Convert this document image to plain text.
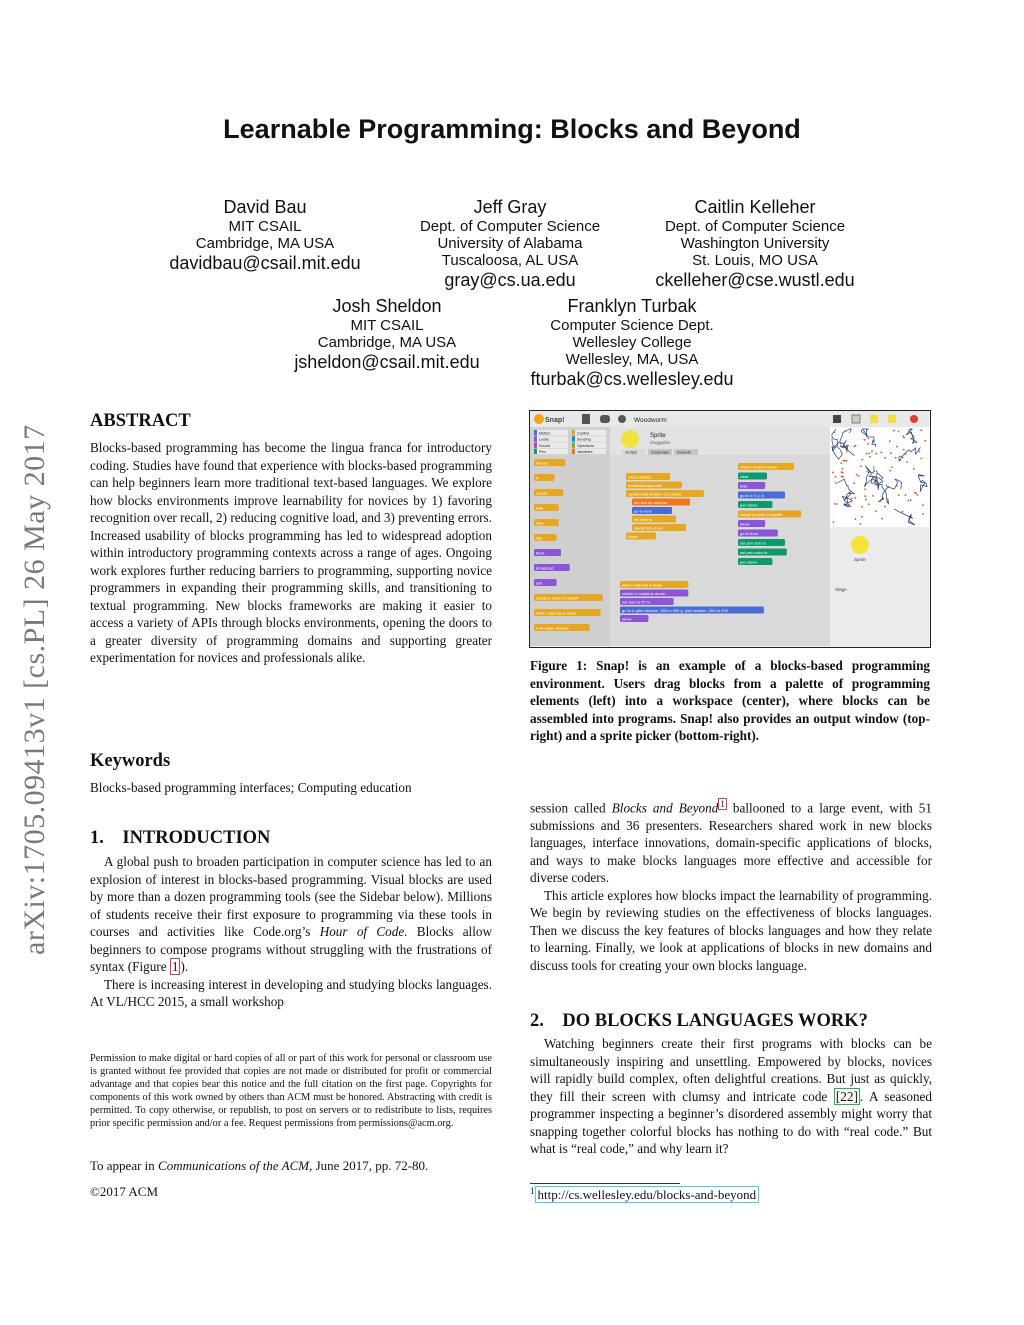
arXiv:1705.09413v1 [cs.PL] 26 May 2017
Learnable Programming: Blocks and Beyond
David Bau
MIT CSAIL
Cambridge, MA USA
davidbau@csail.mit.edu
Jeff Gray
Dept. of Computer Science
University of Alabama
Tuscaloosa, AL USA
gray@cs.ua.edu
Caitlin Kelleher
Dept. of Computer Science
Washington University
St. Louis, MO USA
ckelleher@cse.wustl.edu
Josh Sheldon
MIT CSAIL
Cambridge, MA USA
jsheldon@csail.mit.edu
Franklyn Turbak
Computer Science Dept.
Wellesley College
Wellesley, MA, USA
fturbak@cs.wellesley.edu
ABSTRACT

Blocks-based programming has become the lingua franca for introductory coding. Studies have found that experience with blocks-based programming can help beginners learn more traditional text-based languages. We explore how blocks environments improve learnability for novices by 1) favoring recognition over recall, 2) reducing cognitive load, and 3) preventing errors. Increased usability of blocks programming has led to widespread adoption within introductory programming contexts across a range of ages. Ongoing work explores further reducing barriers to programming, supporting novice programmers in expanding their programming skills, and transitioning to textual programming. New blocks frameworks are making it easier to access a variety of APIs through blocks environments, opening the doors to a greater diversity of programming domains and supporting greater experimentation for novices and professionals alike.

Keywords

Blocks-based programming interfaces; Computing education

1.    INTRODUCTION

A global push to broaden participation in computer science has led to an explosion of interest in blocks-based programming. Visual blocks are used by more than a dozen programming tools (see the Sidebar below). Millions of students receive their first exposure to programming via these tools in courses and activities like Code.org’s Hour of Code. Blocks allow beginners to compose programs without struggling with the frustrations of syntax (Figure 1 ).

There is increasing interest in developing and studying blocks languages. At VL/HCC 2015, a small workshop

Permission to make digital or hard copies of all or part of this work for personal or classroom use is granted without fee provided that copies are not made or distributed for profit or commercial advantage and that copies bear this notice and the full citation on the first page. Copyrights for components of this work owned by others than ACM must be honored. Abstracting with credit is permitted. To copy otherwise, or republish, to post on servers or to redistribute to lists, requires prior specific permission and/or a fee. Request permissions from permissions@acm.org.
To appear in Communications of the ACM, June 2017, pp. 72-80.
©2017 ACM
Snap!	Woodworm
Motion
Looks
Sound
Pen
Control
Sensing
Operators
Variables
forever
if
repeat
wait
stop
say
think
broadcast
ask
create a clone of myself
when I start as a clone
if on edge, bounce
Sprite
draggable
Scripts	Costumes Sounds
when clicked
broadcast and wait
repeat until empty? my clones
let next be nearest
go to next
tell next to
delete this clone
clone
when I start as a clone
switch to costume arrow
set size to 25 %
go to x: pick random -200 to 200 y: pick random -200 to 200
show
when I receive setup
clear
hide
go to x: 0 y: 0
pen down
create a clone of myself
show
go to front
set pen size to
set pen color to
pen down	Sprite
Stage
Figure 1: Snap! is an example of a blocks-based programming environment. Users drag blocks from a palette of programming elements (left) into a workspace (center), where blocks can be assembled into programs. Snap! also provides an output window (top-right) and a sprite picker (bottom-right).

session called Blocks and Beyond $^1$ ballooned to a large event, with 51 submissions and 36 presenters. Researchers shared work in new blocks languages, interface innovations, domain-specific applications of blocks, and ways to make blocks languages more effective and accessible for diverse coders.

This article explores how blocks impact the learnability of programming. We begin by reviewing studies on the effectiveness of blocks languages. Then we discuss the key features of blocks languages and how they relate to learning. Finally, we look at applications of blocks in new domains and discuss tools for creating your own blocks language.

2.    DO BLOCKS LANGUAGES WORK?

Watching beginners create their first programs with blocks can be simultaneously inspiring and unsettling. Empowered by blocks, novices will rapidly build complex, often delightful creations. But just as quickly, they fill their screen with clumsy and intricate code [22] . A seasoned programmer inspecting a beginner’s disordered assembly might worry that snapping together colorful blocks has nothing to do with “real code.” But what is “real code,” and why learn it?

$^1$ http://cs.wellesley.edu/blocks-and-beyond
